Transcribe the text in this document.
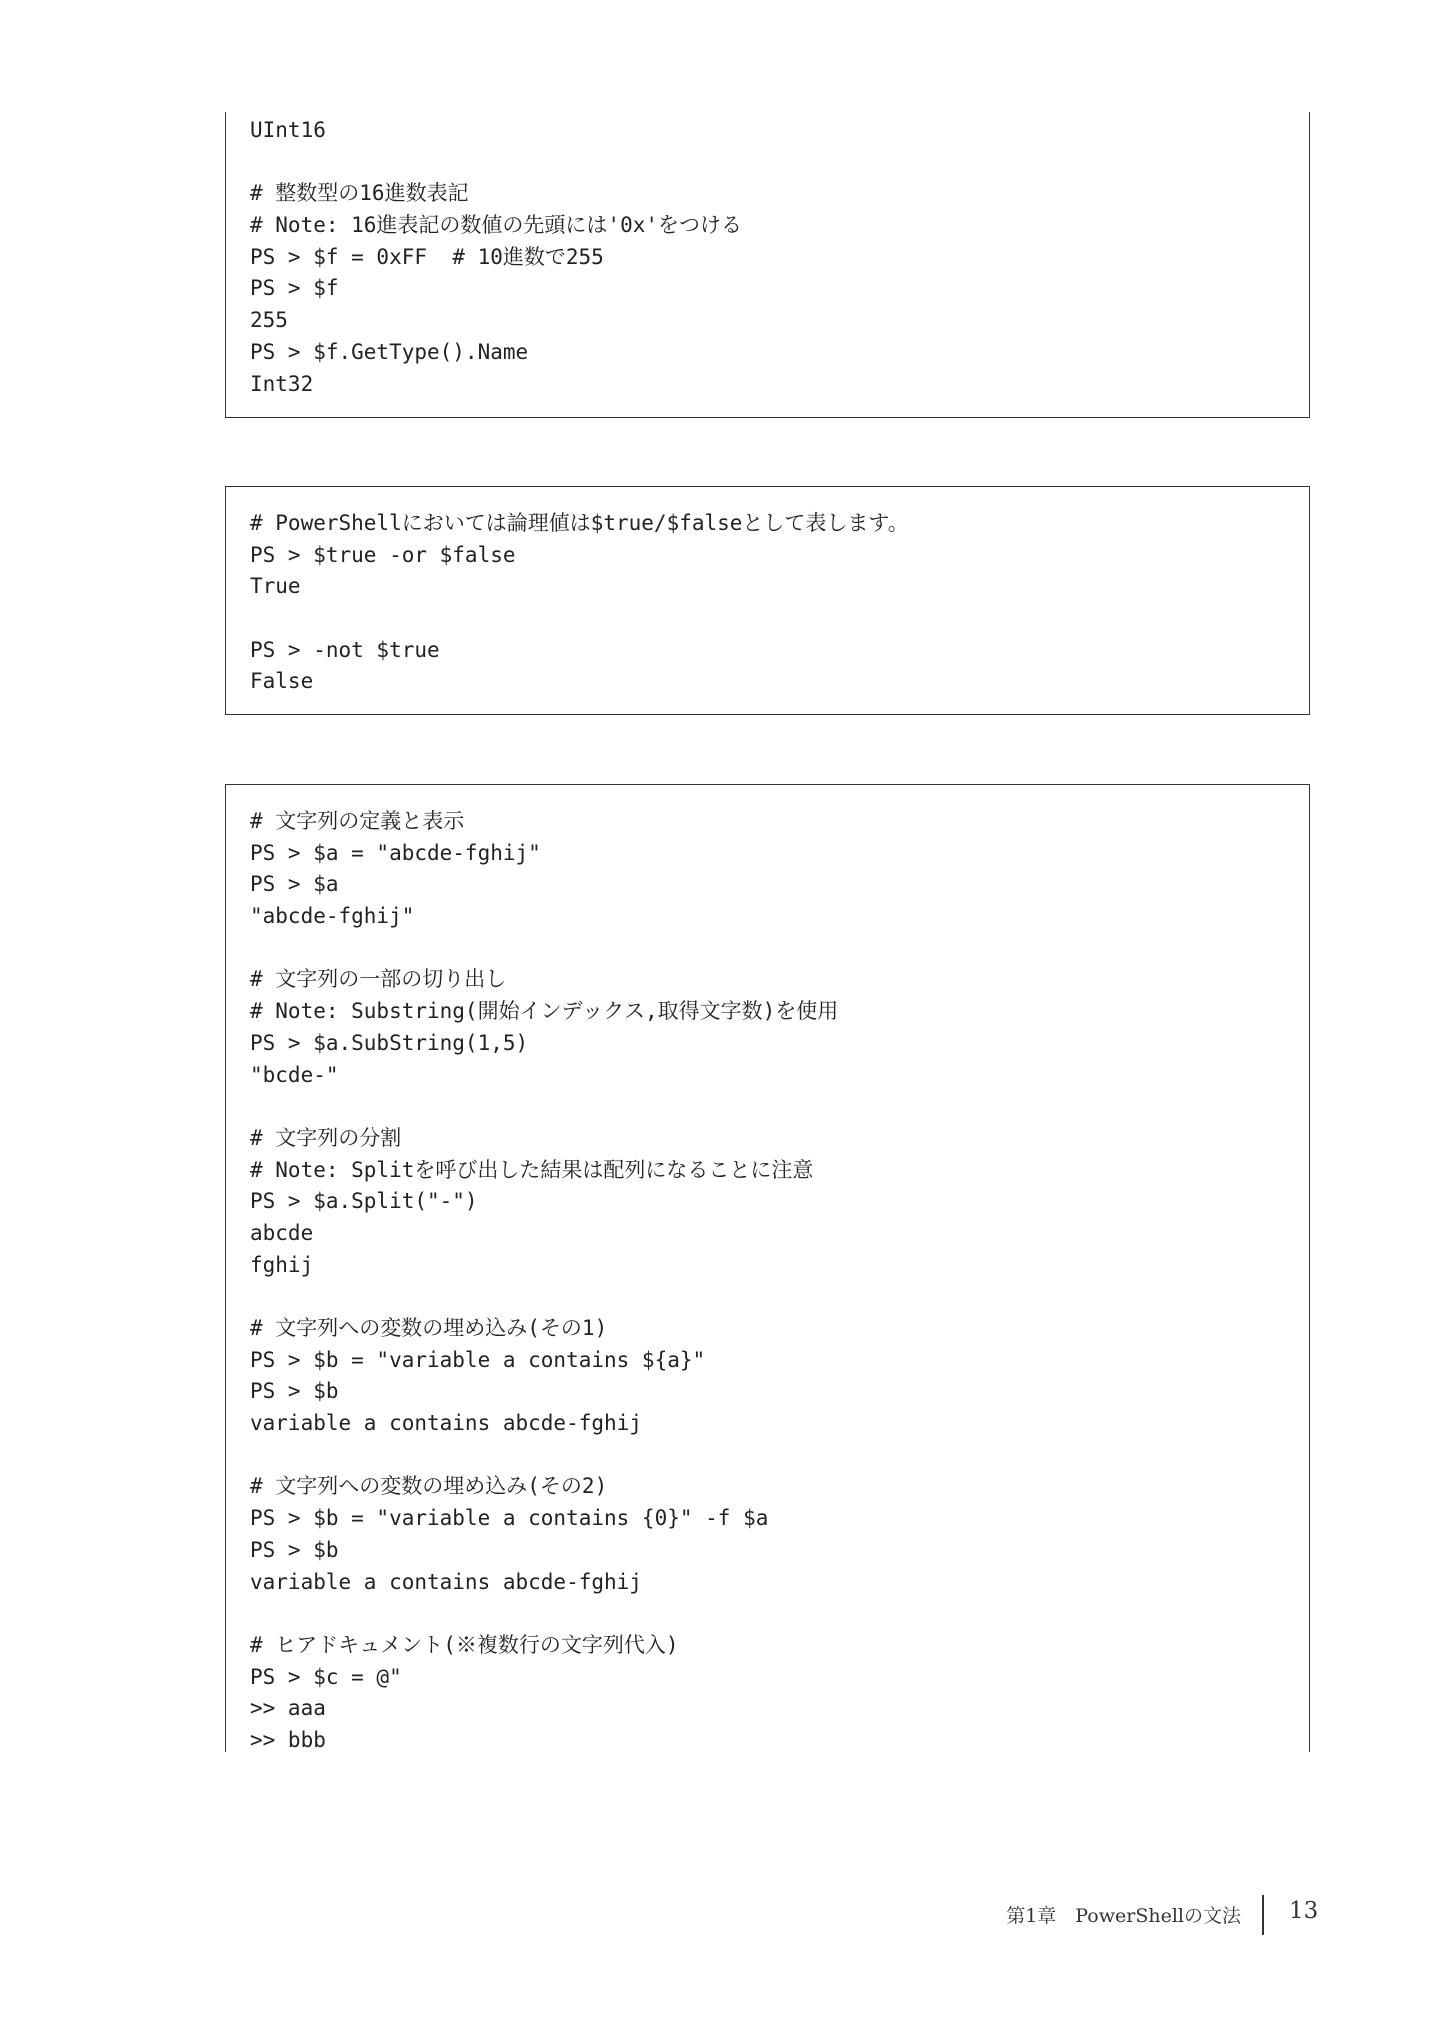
UInt16
# 整数型の16進数表記
# Note: 16進表記の数値の先頭には'0x'をつける
PS > $f = 0xFF  # 10進数で255
PS > $f
255
PS > $f.GetType().Name
Int32
# PowerShellにおいては論理値は$true/$falseとして表します。
PS > $true -or $false
True
PS > -not $true
False
# 文字列の定義と表示
PS > $a = "abcde-fghij"
PS > $a
"abcde-fghij"
# 文字列の一部の切り出し
# Note: Substring(開始インデックス,取得文字数)を使用
PS > $a.SubString(1,5)
"bcde-"
# 文字列の分割
# Note: Splitを呼び出した結果は配列になることに注意
PS > $a.Split("-")
abcde
fghij
# 文字列への変数の埋め込み(その1)
PS > $b = "variable a contains ${a}"
PS > $b
variable a contains abcde-fghij
# 文字列への変数の埋め込み(その2)
PS > $b = "variable a contains {0}" -f $a
PS > $b
variable a contains abcde-fghij
# ヒアドキュメント(※複数行の文字列代入)
PS > $c = @"
>> aaa
>> bbb
第1章　PowerShellの文法 13
